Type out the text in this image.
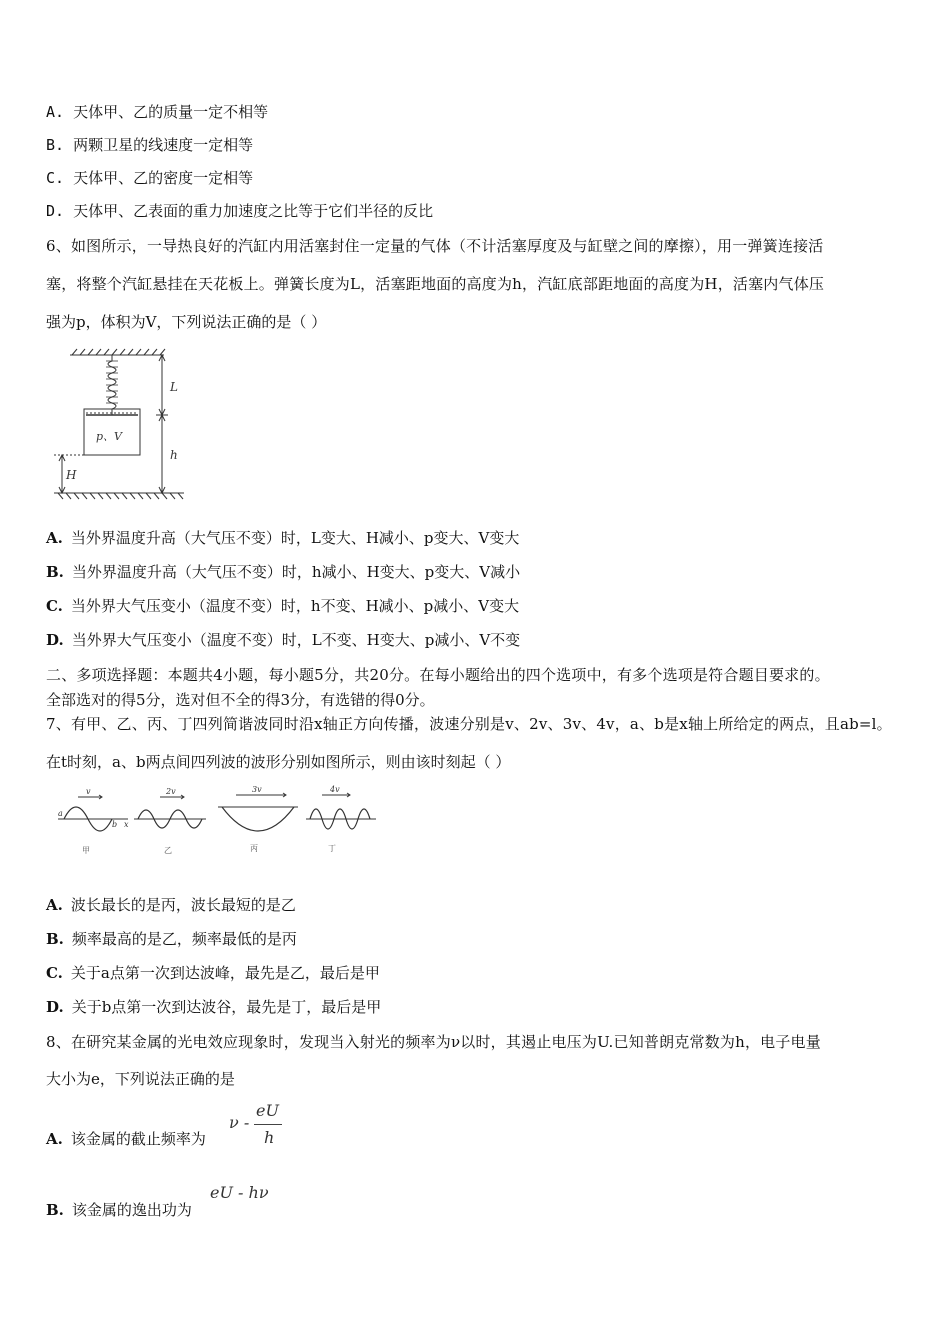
A. 天体甲、乙的质量一定不相等
B. 两颗卫星的线速度一定相等
C. 天体甲、乙的密度一定相等
D. 天体甲、乙表面的重力加速度之比等于它们半径的反比
6、如图所示，一导热良好的汽缸内用活塞封住一定量的气体（不计活塞厚度及与缸壁之间的摩擦），用一弹簧连接活
塞，将整个汽缸悬挂在天花板上。弹簧长度为L，活塞距地面的高度为h，汽缸底部距地面的高度为H，活塞内气体压
强为p，体积为V，下列说法正确的是（ ）
L
h
H
p、V
A. 当外界温度升高（大气压不变）时，L变大、H减小、p变大、V变大
B. 当外界温度升高（大气压不变）时，h减小、H变大、p变大、V减小
C. 当外界大气压变小（温度不变）时，h不变、H减小、p减小、V变大
D. 当外界大气压变小（温度不变）时，L不变、H变大、p减小、V不变
二、多项选择题：本题共4小题，每小题5分，共20分。在每小题给出的四个选项中，有多个选项是符合题目要求的。
全部选对的得5分，选对但不全的得3分，有选错的得0分。
7、有甲、乙、丙、丁四列简谐波同时沿x轴正方向传播，波速分别是v、2v、3v、4v，a、b是x轴上所给定的两点，且ab=l。
在t时刻，a、b两点间四列波的波形分别如图所示，则由该时刻起（ ）
v	2v	3v	4v
a
b x
甲	乙	丙	丁
A. 波长最长的是丙，波长最短的是乙
B. 频率最高的是乙，频率最低的是丙
C. 关于a点第一次到达波峰，最先是乙，最后是甲
D. 关于b点第一次到达波谷，最先是丁，最后是甲
8、在研究某金属的光电效应现象时，发现当入射光的频率为ν以时，其遏止电压为U.已知普朗克常数为h，电子电量
大小为e，下列说法正确的是
A. 该金属的截止频率为
ν -
eU
h
B. 该金属的逸出功为
eU - hν
